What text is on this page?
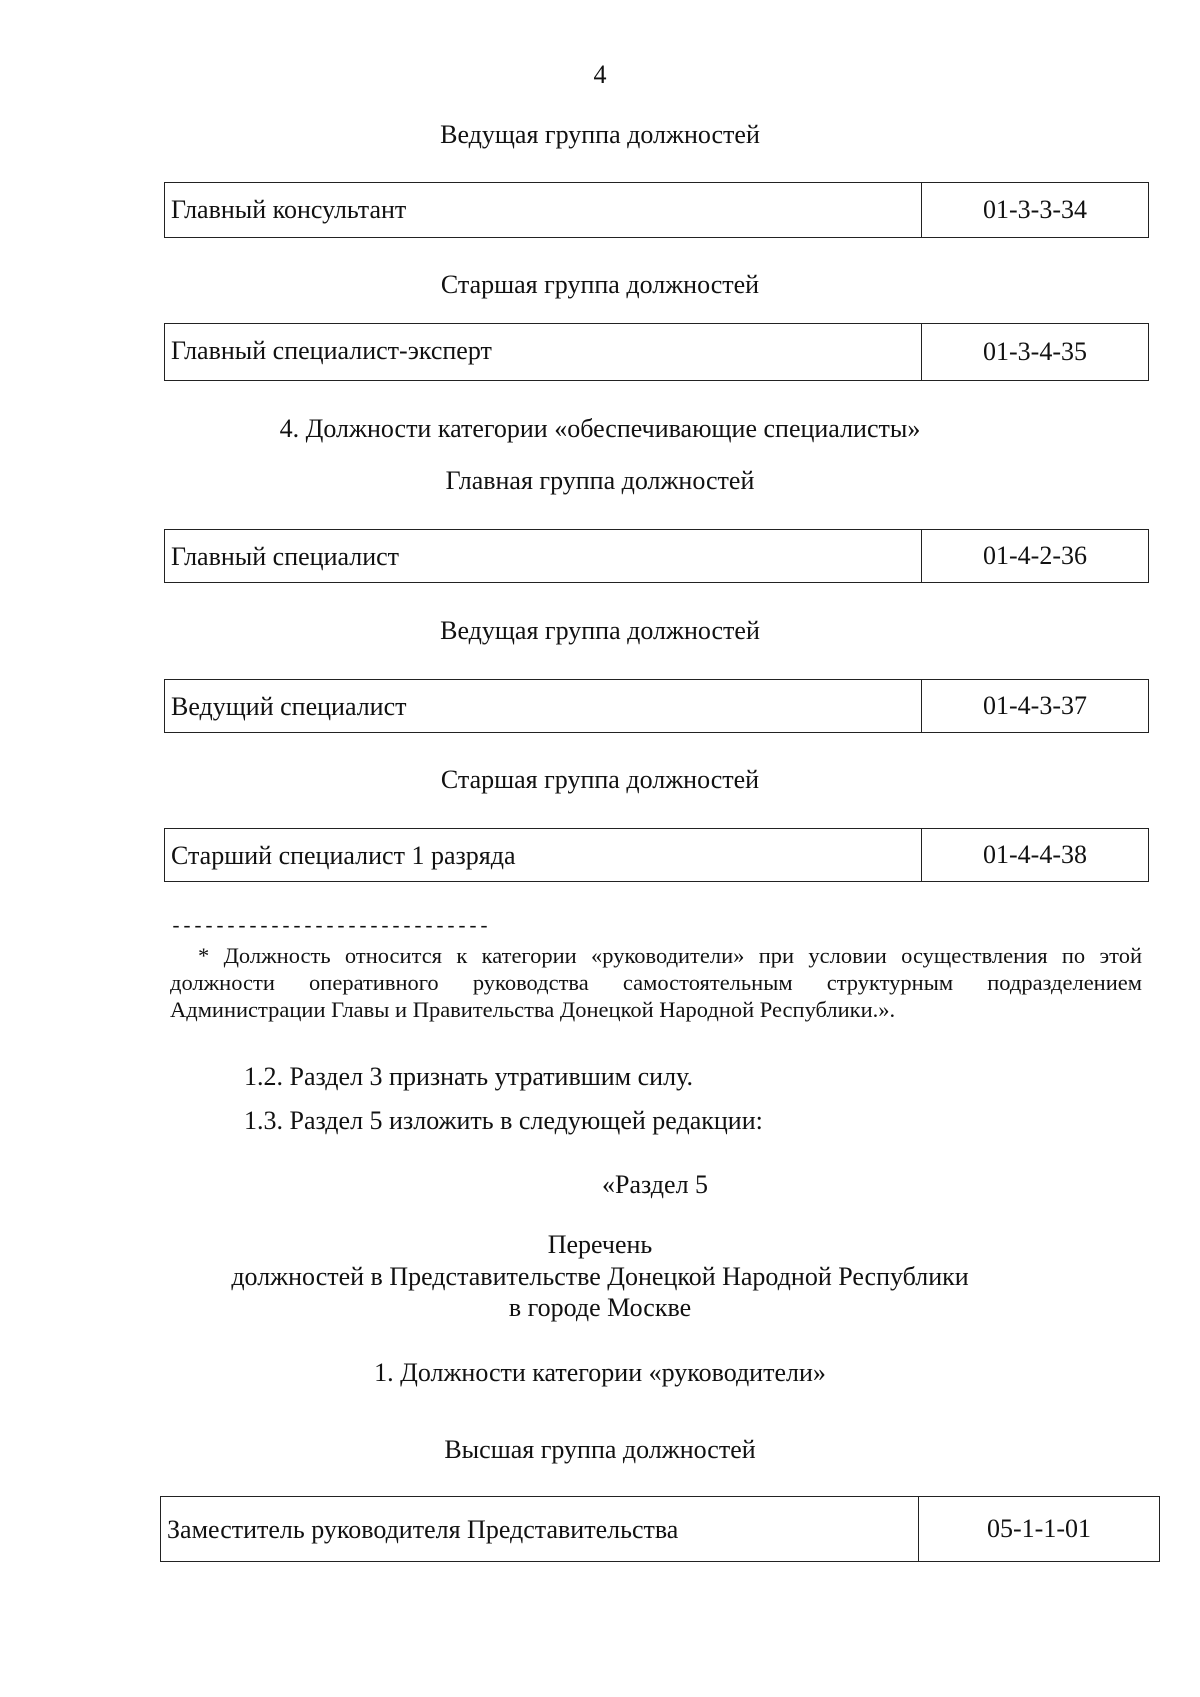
4
Ведущая группа должностей
Главный консультант	01-3-3-34
Старшая группа должностей
Главный специалист-эксперт	01-3-4-35
4. Должности категории «обеспечивающие специалисты»
Главная группа должностей
Главный специалист	01-4-2-36
Ведущая группа должностей
Ведущий специалист	01-4-3-37
Старшая группа должностей
Старший специалист 1 разряда	01-4-4-38
-----------------------------
* Должность относится к категории «руководители» при условии осуществления по этой должности оперативного руководства самостоятельным структурным подразделением Администрации Главы и Правительства Донецкой Народной Республики.».
1.2. Раздел 3 признать утратившим силу.
1.3. Раздел 5 изложить в следующей редакции:
«Раздел 5
Перечень
должностей в Представительстве Донецкой Народной Республики
в городе Москве
1. Должности категории «руководители»
Высшая группа должностей
Заместитель руководителя Представительства	05-1-1-01
